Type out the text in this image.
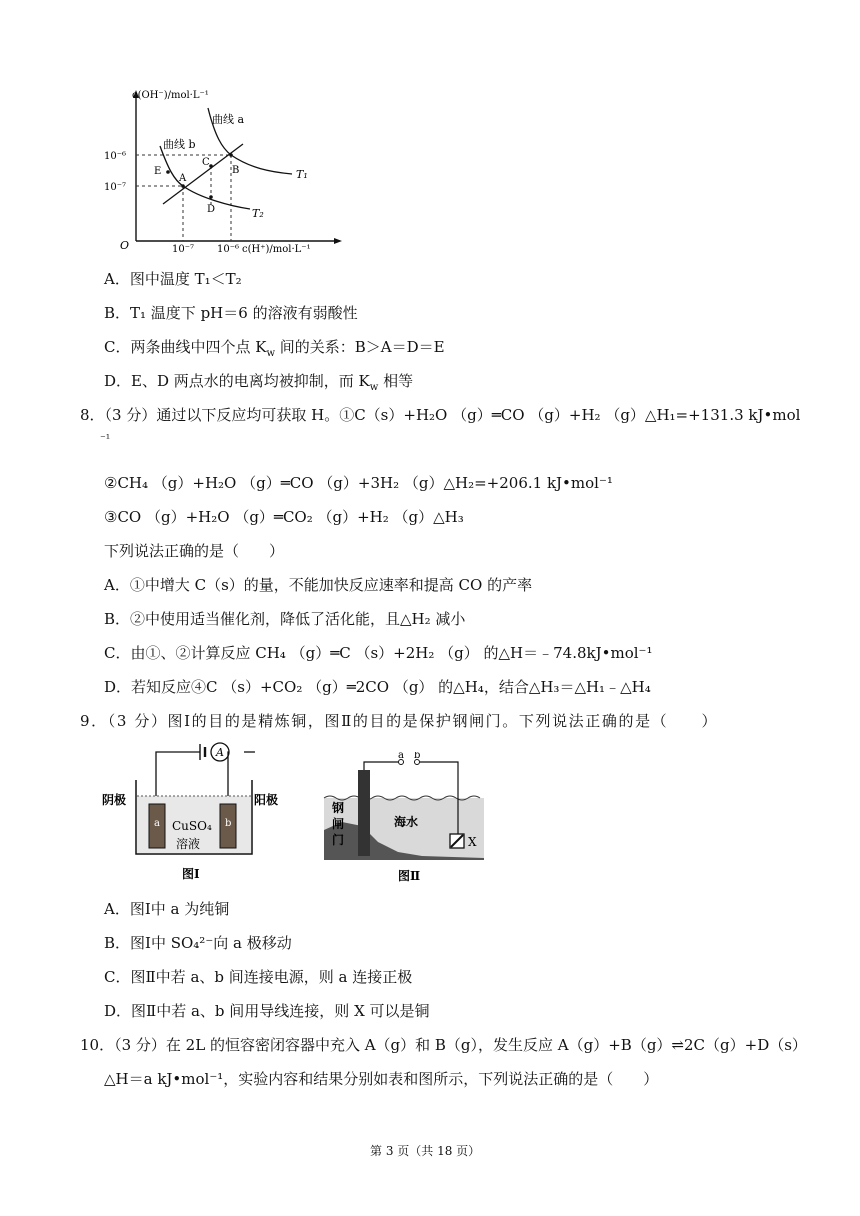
c(OH⁻)/mol·L⁻¹
c(H⁺)/mol·L⁻¹
O
10⁻⁶
10⁻⁷
10⁻⁷ 10⁻⁶
曲线 a
曲线 b
T₁
T₂
A
B
C
D
E
A．图中温度 T₁＜T₂
B．T₁ 温度下 pH＝6 的溶液有弱酸性
C．两条曲线中四个点 $K_w$ 间的关系：B＞A＝D＝E
D．E、D 两点水的电离均被抑制，而 $K_w$ 相等
8．（3 分）通过以下反应均可获取 H。①C（s）+H₂O （g）═CO （g）+H₂ （g）△H₁=+131.3 kJ•mol
⁻¹
②CH₄ （g）+H₂O （g）═CO （g）+3H₂ （g）△H₂=+206.1 kJ•mol⁻¹
③CO （g）+H₂O （g）═CO₂ （g）+H₂ （g）△H₃
下列说法正确的是（　　）
A．①中增大 C（s）的量，不能加快反应速率和提高 CO 的产率
B．②中使用适当催化剂，降低了活化能，且△H₂ 减小
C．由①、②计算反应 CH₄ （g）═C （s）+2H₂ （g） 的△H＝﹣74.8kJ•mol⁻¹
D．若知反应④C （s）+CO₂ （g）═2CO （g） 的△H₄，结合△H₃＝△H₁﹣△H₄
9．（3 分）图Ⅰ的目的是精炼铜，图Ⅱ的目的是保护钢闸门。下列说法正确的是（　　）
A
a	b
CuSO₄
溶液
阴极	阳极
图Ⅰ
a b
钢
闸
门
海水
X
图Ⅱ
A．图Ⅰ中 a 为纯铜
B．图Ⅰ中 SO₄²⁻向 a 极移动
C．图Ⅱ中若 a、b 间连接电源，则 a 连接正极
D．图Ⅱ中若 a、b 间用导线连接，则 X 可以是铜
10．（3 分）在 2L 的恒容密闭容器中充入 A（g）和 B（g），发生反应 A（g）+B（g）⇌2C（g）+D（s）
△H＝a kJ•mol⁻¹，实验内容和结果分别如表和图所示，下列说法正确的是（　　）
第 3 页（共 18 页）
